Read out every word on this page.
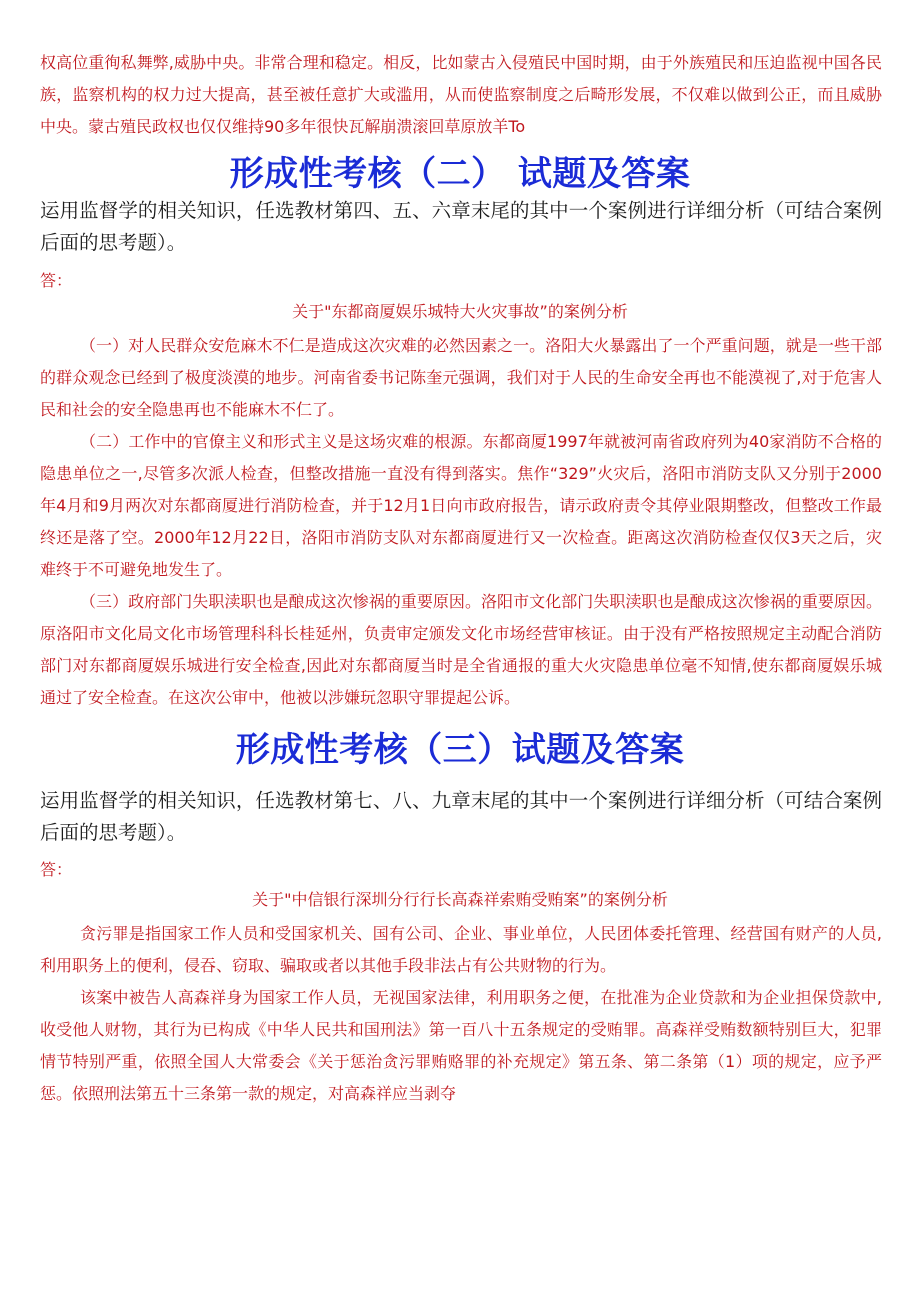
权高位重徇私舞弊,威胁中央。非常合理和稳定。相反，比如蒙古入侵殖民中国时期，由于外族殖民和压迫监视中国各民族，监察机构的权力过大提高，甚至被任意扩大或滥用，从而使监察制度之后畸形发展，不仅难以做到公正，而且威胁中央。蒙古殖民政权也仅仅维持90多年很快瓦解崩溃滚回草原放羊To

形成性考核（二） 试题及答案

运用监督学的相关知识，任选教材第四、五、六章末尾的其中一个案例进行详细分析（可结合案例后面的思考题）。

答：

关于"东都商厦娱乐城特大火灾事故”的案例分析

（一）对人民群众安危麻木不仁是造成这次灾难的必然因素之一。洛阳大火暴露出了一个严重问题，就是一些干部的群众观念已经到了极度淡漠的地步。河南省委书记陈奎元强调，我们对于人民的生命安全再也不能漠视了,对于危害人民和社会的安全隐患再也不能麻木不仁了。

（二）工作中的官僚主义和形式主义是这场灾难的根源。东都商厦1997年就被河南省政府列为40家消防不合格的隐患单位之一,尽管多次派人检查，但整改措施一直没有得到落实。焦作“329”火灾后，洛阳市消防支队又分别于2000年4月和9月两次对东都商厦进行消防检查，并于12月1日向市政府报告，请示政府责令其停业限期整改，但整改工作最终还是落了空。2000年12月22日，洛阳市消防支队对东都商厦进行又一次检查。距离这次消防检查仅仅3天之后，灾难终于不可避免地发生了。

（三）政府部门失职渎职也是酿成这次惨祸的重要原因。洛阳市文化部门失职渎职也是酿成这次惨祸的重要原因。原洛阳市文化局文化市场管理科科长桂延州，负责审定颁发文化市场经营审核证。由于没有严格按照规定主动配合消防部门对东都商厦娱乐城进行安全检查,因此对东都商厦当时是全省通报的重大火灾隐患单位毫不知情,使东都商厦娱乐城通过了安全检查。在这次公审中，他被以涉嫌玩忽职守罪提起公诉。

形成性考核（三）试题及答案

运用监督学的相关知识，任选教材第七、八、九章末尾的其中一个案例进行详细分析（可结合案例后面的思考题）。

答：

关于"中信银行深圳分行行长高森祥索贿受贿案”的案例分析

贪污罪是指国家工作人员和受国家机关、国有公司、企业、事业单位，人民团体委托管理、经营国有财产的人员,利用职务上的便利，侵吞、窃取、骗取或者以其他手段非法占有公共财物的行为。

该案中被告人高森祥身为国家工作人员，无视国家法律，利用职务之便，在批准为企业贷款和为企业担保贷款中,收受他人财物，其行为已构成《中华人民共和国刑法》第一百八十五条规定的受贿罪。高森祥受贿数额特别巨大，犯罪情节特别严重，依照全国人大常委会《关于惩治贪污罪贿赂罪的补充规定》第五条、第二条第（1）项的规定，应予严惩。依照刑法第五十三条第一款的规定，对高森祥应当剥夺
